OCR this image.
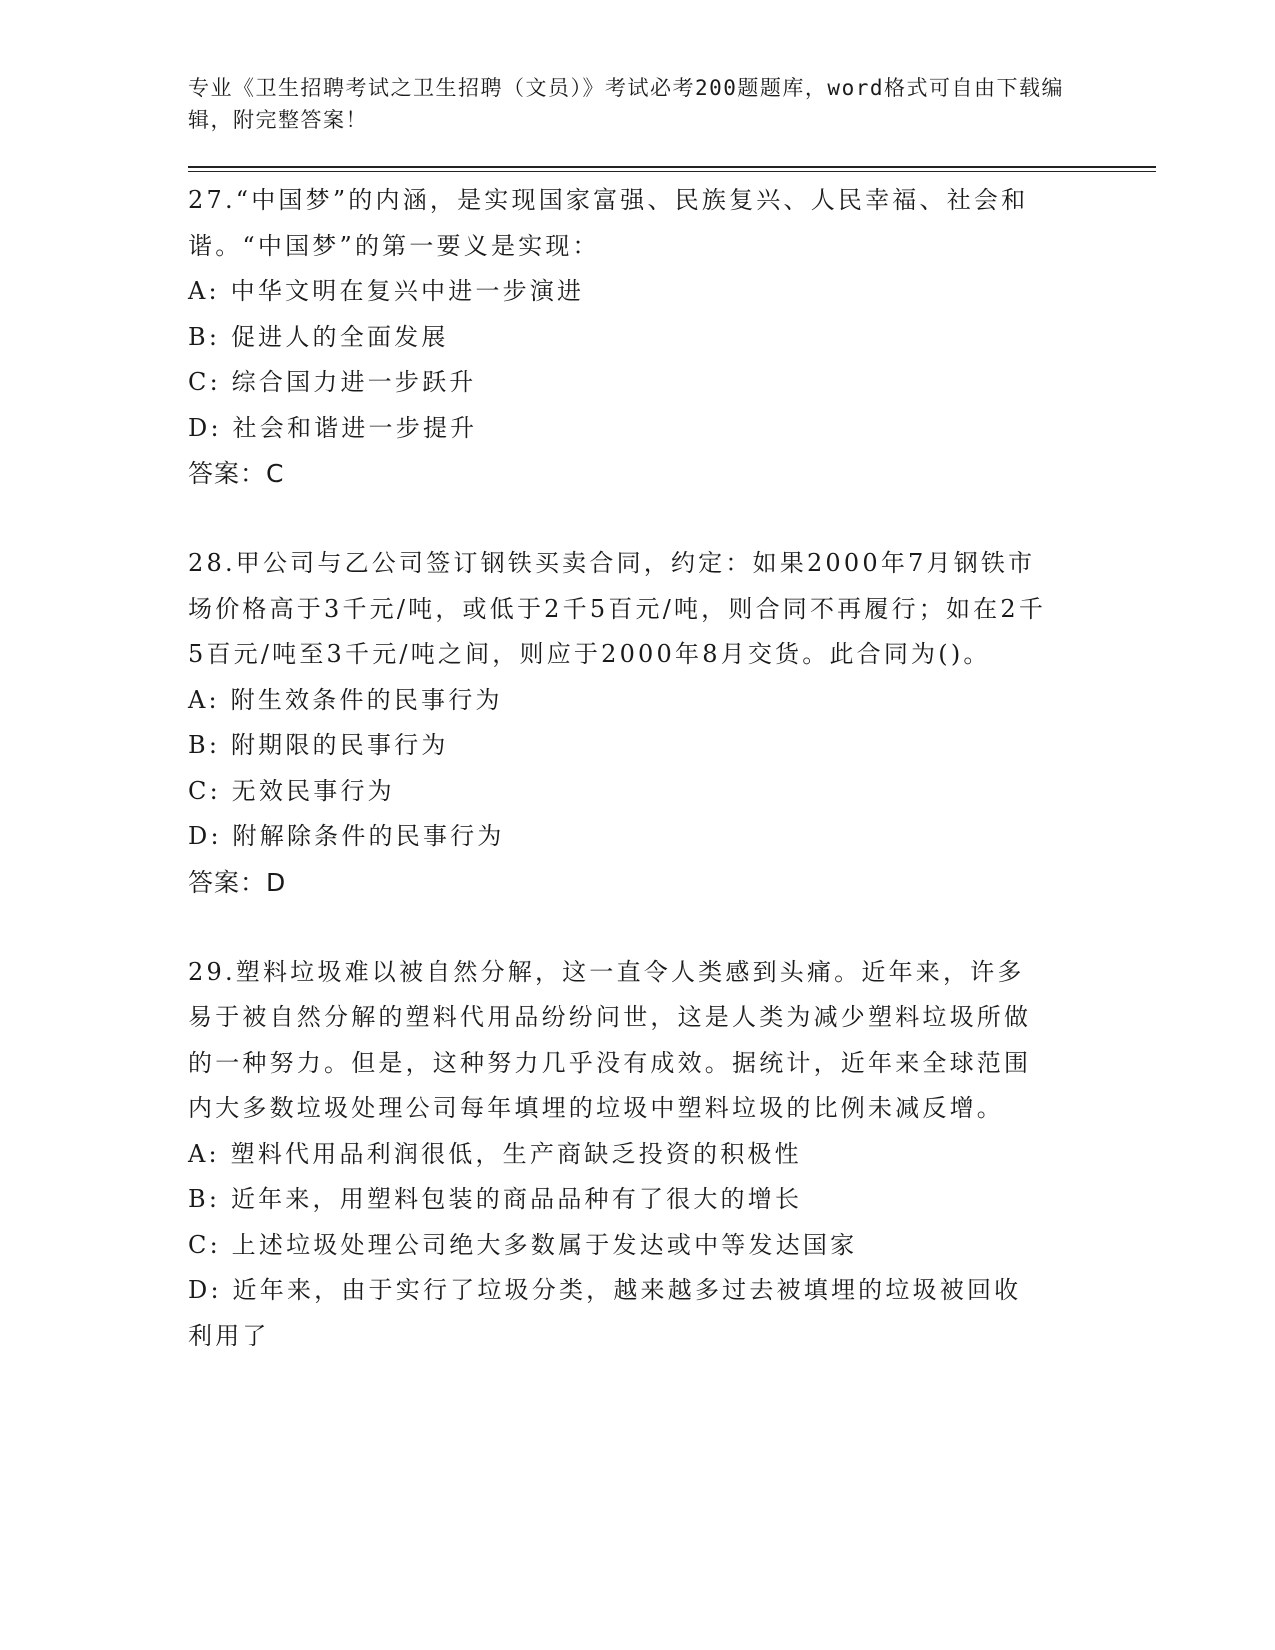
专业《卫生招聘考试之卫生招聘（文员）》考试必考200题题库，word格式可自由下载编辑，附完整答案！

27.“中国梦”的内涵，是实现国家富强、民族复兴、人民幸福、社会和谐。“中国梦”的第一要义是实现：

A: 中华文明在复兴中进一步演进

B: 促进人的全面发展

C: 综合国力进一步跃升

D: 社会和谐进一步提升

答案：C

28.甲公司与乙公司签订钢铁买卖合同，约定：如果2000年7月钢铁市场价格高于3千元/吨，或低于2千5百元/吨，则合同不再履行；如在2千5百元/吨至3千元/吨之间，则应于2000年8月交货。此合同为()。

A: 附生效条件的民事行为

B: 附期限的民事行为

C: 无效民事行为

D: 附解除条件的民事行为

答案：D

29.塑料垃圾难以被自然分解，这一直令人类感到头痛。近年来，许多易于被自然分解的塑料代用品纷纷问世，这是人类为减少塑料垃圾所做的一种努力。但是，这种努力几乎没有成效。据统计，近年来全球范围内大多数垃圾处理公司每年填埋的垃圾中塑料垃圾的比例未减反增。

A: 塑料代用品利润很低，生产商缺乏投资的积极性

B: 近年来，用塑料包装的商品品种有了很大的增长

C: 上述垃圾处理公司绝大多数属于发达或中等发达国家

D: 近年来，由于实行了垃圾分类，越来越多过去被填埋的垃圾被回收利用了
